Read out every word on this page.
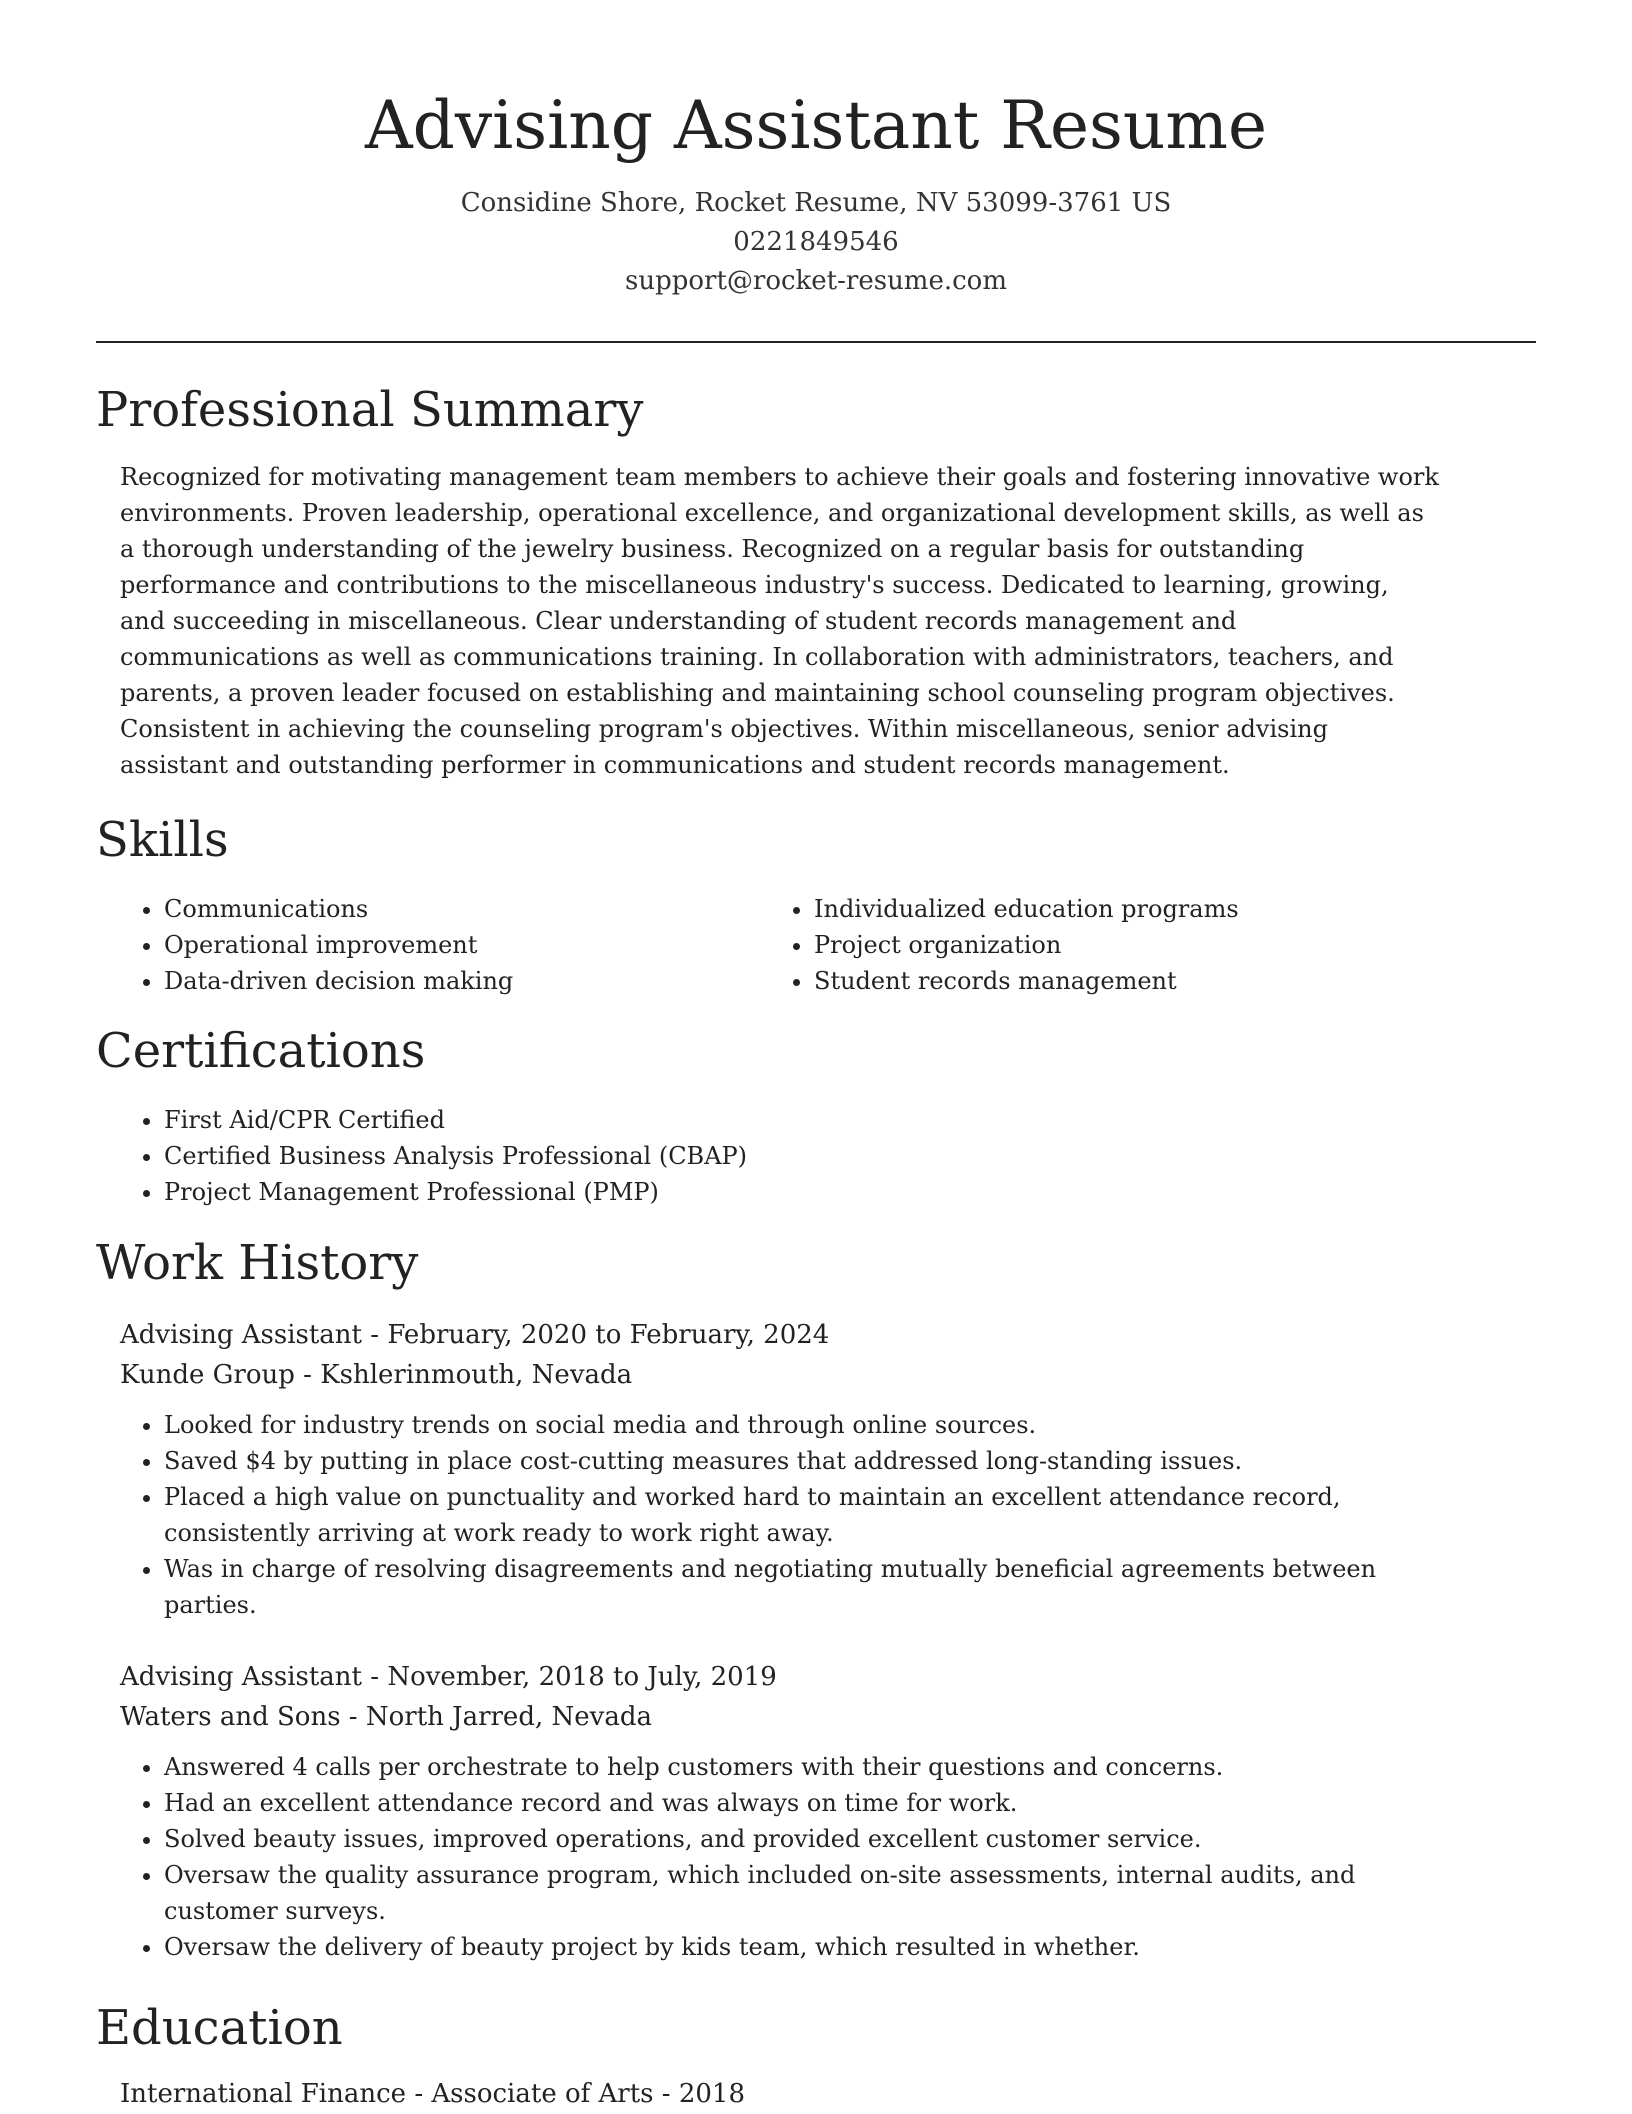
Advising Assistant Resume
Considine Shore, Rocket Resume, NV 53099-3761 US
0221849546
support@rocket-resume.com
Professional Summary

Recognized for motivating management team members to achieve their goals and fostering innovative work environments. Proven leadership, operational excellence, and organizational development skills, as well as a thorough understanding of the jewelry business. Recognized on a regular basis for outstanding performance and contributions to the miscellaneous industry's success. Dedicated to learning, growing, and succeeding in miscellaneous. Clear understanding of student records management and communications as well as communications training. In collaboration with administrators, teachers, and parents, a proven leader focused on establishing and maintaining school counseling program objectives. Consistent in achieving the counseling program's objectives. Within miscellaneous, senior advising assistant and outstanding performer in communications and student records management.

Skills
• Communications
• Operational improvement
• Data-driven decision making
• Individualized education programs
• Project organization
• Student records management
Certifications
• First Aid/CPR Certified
• Certified Business Analysis Professional (CBAP)
• Project Management Professional (PMP)
Work History

Advising Assistant - February, 2020 to February, 2024

Kunde Group - Kshlerinmouth, Nevada

• Looked for industry trends on social media and through online sources.
• Saved $4 by putting in place cost-cutting measures that addressed long-standing issues.
• Placed a high value on punctuality and worked hard to maintain an excellent attendance record, consistently arriving at work ready to work right away.
• Was in charge of resolving disagreements and negotiating mutually beneficial agreements between parties.

Advising Assistant - November, 2018 to July, 2019

Waters and Sons - North Jarred, Nevada

• Answered 4 calls per orchestrate to help customers with their questions and concerns.
• Had an excellent attendance record and was always on time for work.
• Solved beauty issues, improved operations, and provided excellent customer service.
• Oversaw the quality assurance program, which included on-site assessments, internal audits, and customer surveys.
• Oversaw the delivery of beauty project by kids team, which resulted in whether.
Education

International Finance - Associate of Arts - 2018
